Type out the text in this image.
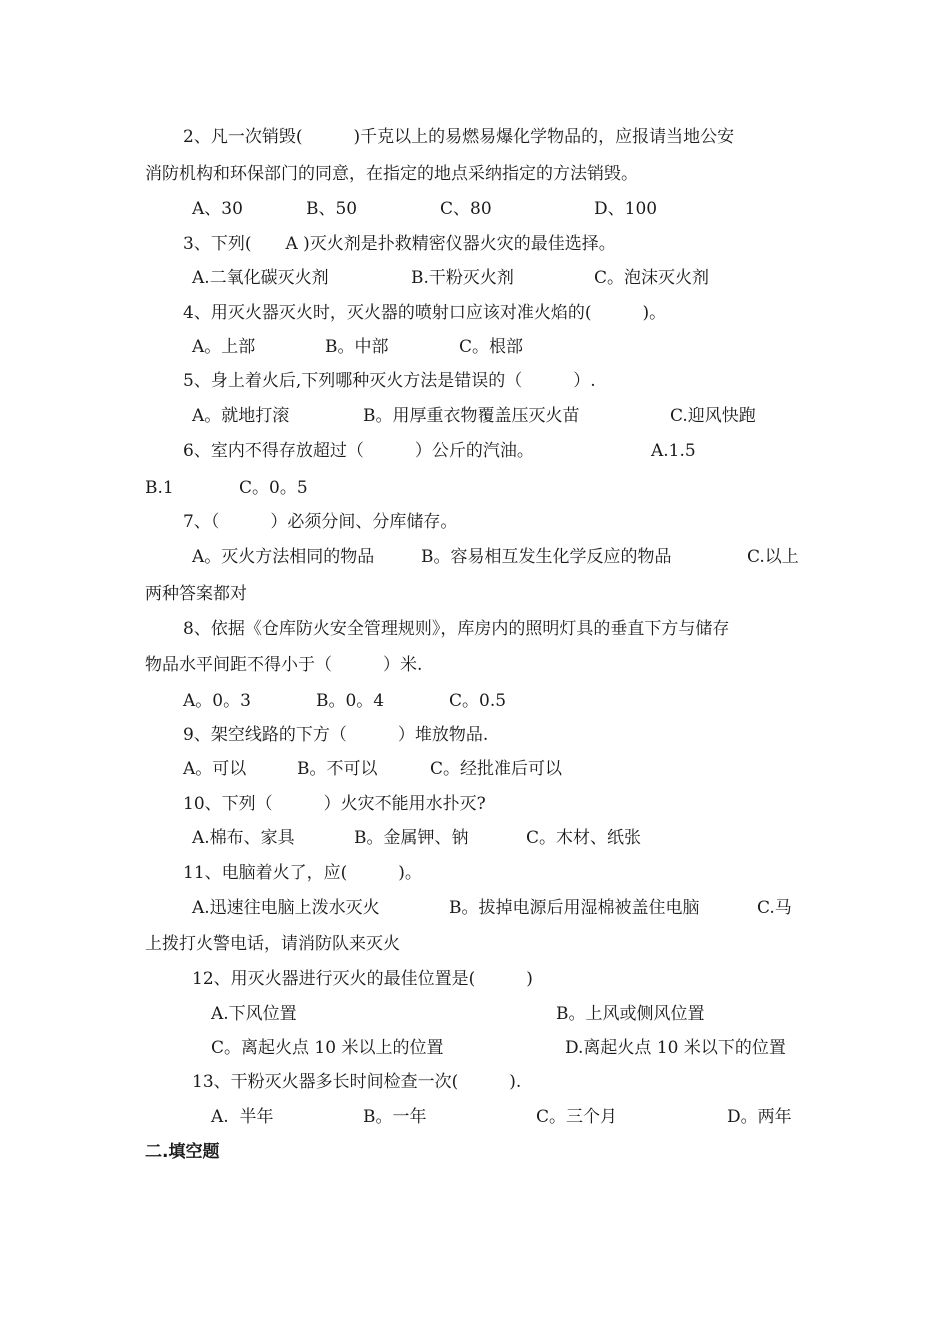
2、凡一次销毁(　　　)千克以上的易燃易爆化学物品的，应报请当地公安
消防机构和环保部门的同意，在指定的地点采纳指定的方法销毁。
A、30	B、50	C、80	D、100
3、下列(　　A )灭火剂是扑救精密仪器火灾的最佳选择。
A.二氧化碳灭火剂	B.干粉灭火剂	C。泡沫灭火剂
4、用灭火器灭火时，灭火器的喷射口应该对准火焰的(　　　)。
A。上部	B。中部	C。根部
5、身上着火后,下列哪种灭火方法是错误的（　　　）.
A。就地打滚	B。用厚重衣物覆盖压灭火苗	C.迎风快跑
6、室内不得存放超过（　　　）公斤的汽油。	A.1.5
B.1	C。0。5
7、（　　　）必须分间、分库储存。
A。灭火方法相同的物品	B。容易相互发生化学反应的物品	C.以上
两种答案都对
8、依据《仓库防火安全管理规则》，库房内的照明灯具的垂直下方与储存
物品水平间距不得小于（　　　）米.
A。0。3	B。0。4	C。0.5
9、架空线路的下方（　　　）堆放物品.
A。可以	B。不可以	C。经批准后可以
10、下列（　　　）火灾不能用水扑灭?
A.棉布、家具	B。金属钾、钠	C。木材、纸张
11、电脑着火了，应(　　　)。
A.迅速往电脑上泼水灭火	B。拔掉电源后用湿棉被盖住电脑	C.马
上拨打火警电话，请消防队来灭火
12、用灭火器进行灭火的最佳位置是(　　　)
A.下风位置	B。上风或侧风位置
C。离起火点 10 米以上的位置	D.离起火点 10 米以下的位置
13、干粉灭火器多长时间检查一次(　　　).
A.  半年	B。一年	C。三个月	D。两年
二.填空题
